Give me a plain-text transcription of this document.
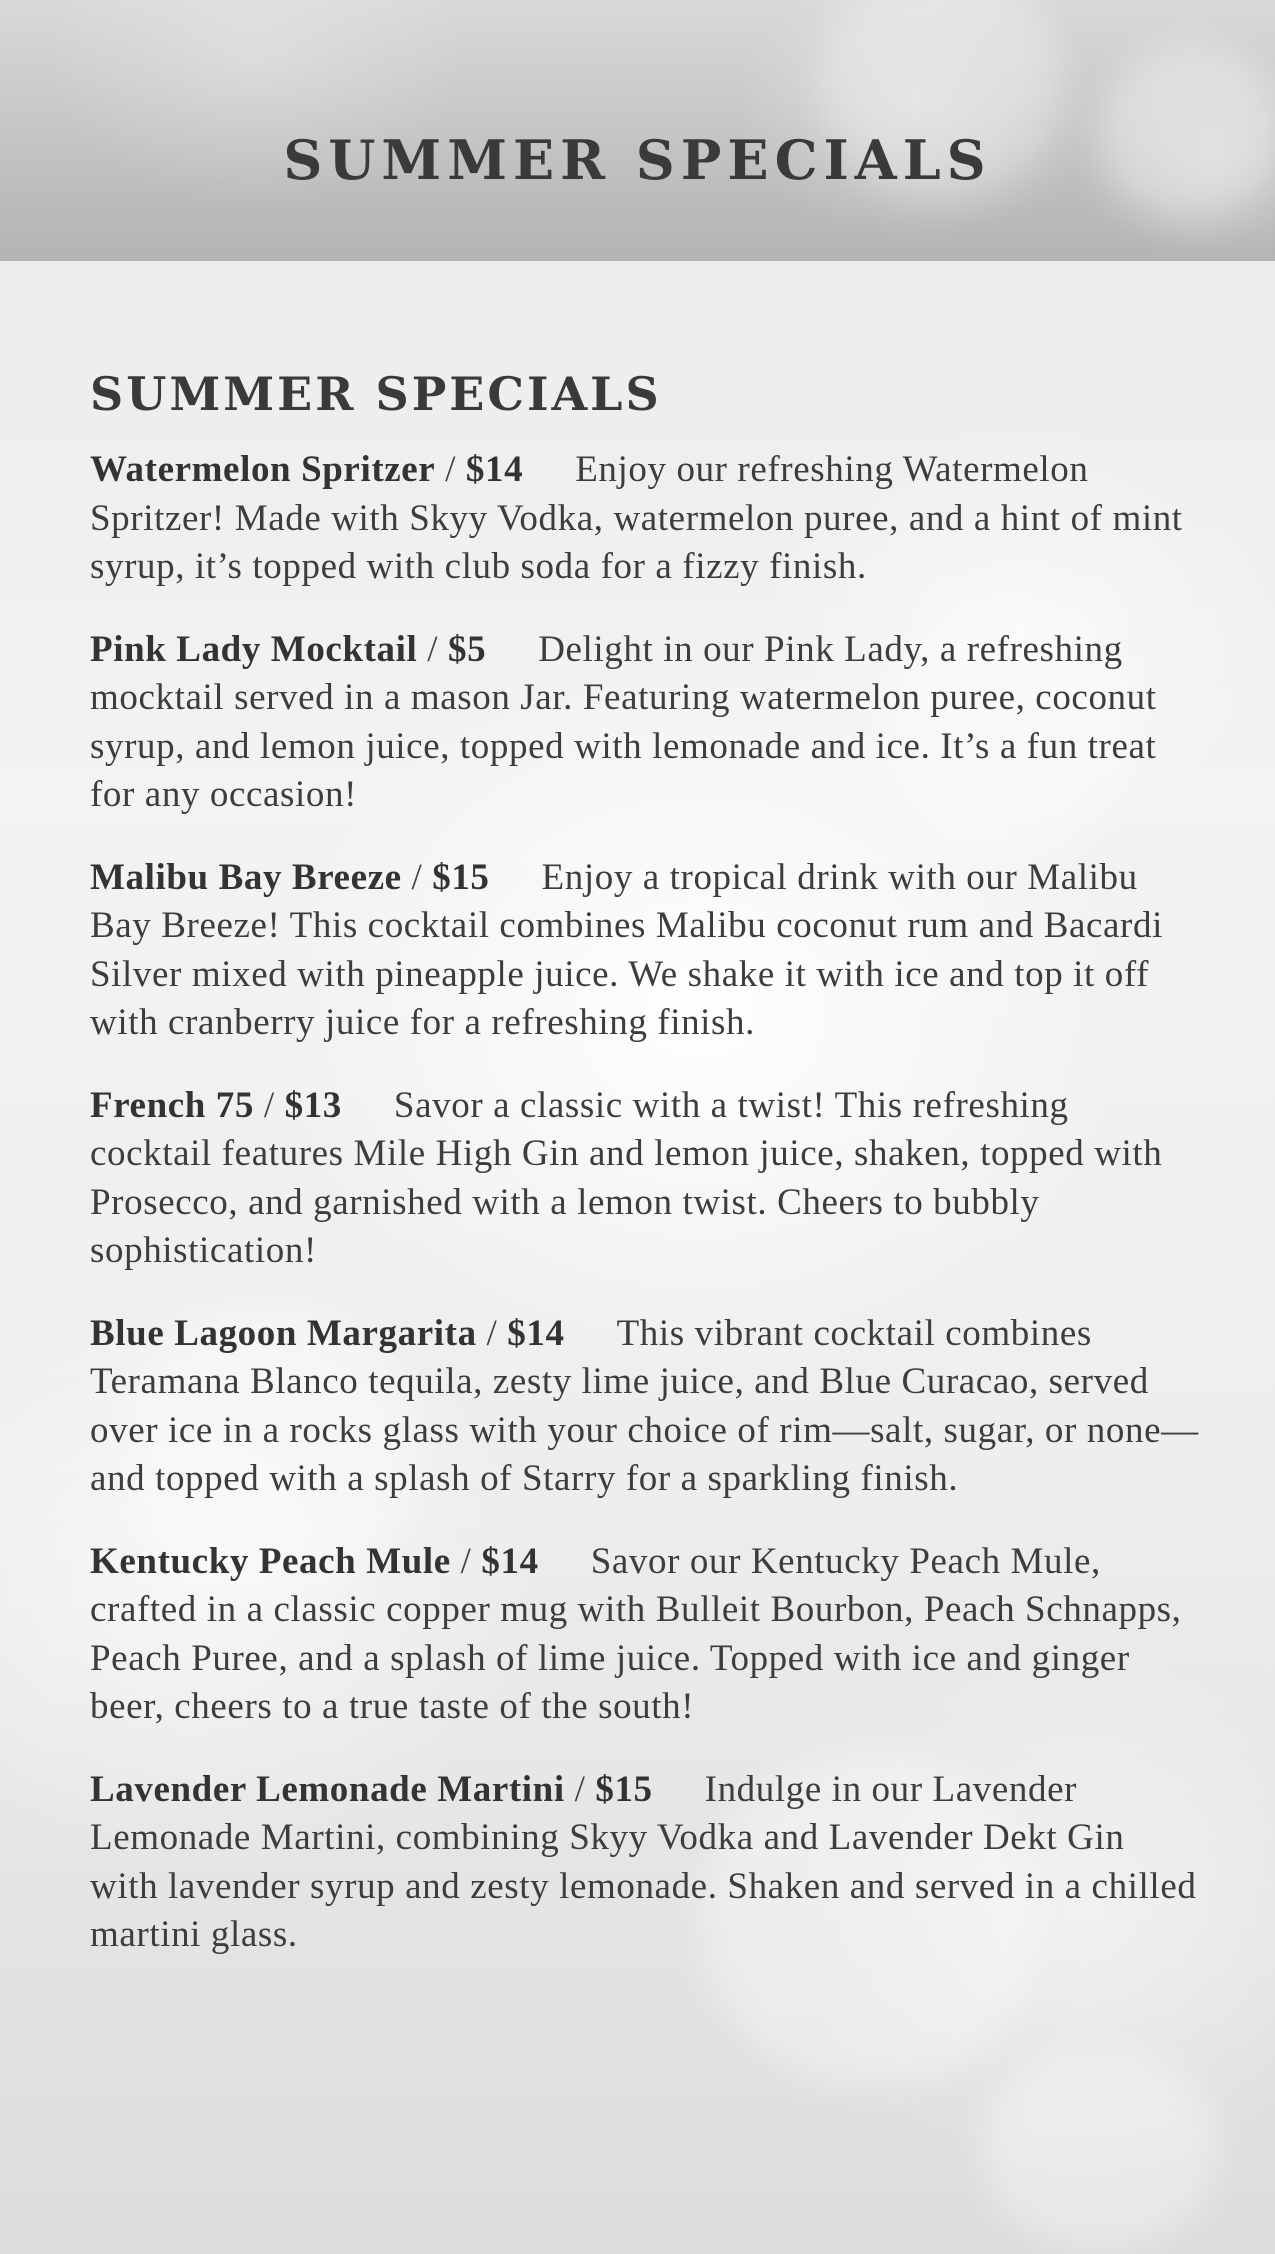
SUMMER SPECIALS
SUMMER SPECIALS

Watermelon Spritzer / $14 Enjoy our refreshing Watermelon Spritzer! Made with Skyy Vodka, watermelon puree, and a hint of mint syrup, it’s topped with club soda for a fizzy finish.

Pink Lady Mocktail / $5 Delight in our Pink Lady, a refreshing mocktail served in a mason Jar. Featuring watermelon puree, coconut syrup, and lemon juice, topped with lemonade and ice. It’s a fun treat for any occasion!

Malibu Bay Breeze / $15 Enjoy a tropical drink with our Malibu Bay Breeze! This cocktail combines Malibu coconut rum and Bacardi Silver mixed with pineapple juice. We shake it with ice and top it off with cranberry juice for a refreshing finish.

French 75 / $13 Savor a classic with a twist! This refreshing cocktail features Mile High Gin and lemon juice, shaken, topped with Prosecco, and garnished with a lemon twist. Cheers to bubbly sophistication!

Blue Lagoon Margarita / $14 This vibrant cocktail combines Teramana Blanco tequila, zesty lime juice, and Blue Curacao, served over ice in a rocks glass with your choice of rim—salt, sugar, or none—and topped with a splash of Starry for a sparkling finish.

Kentucky Peach Mule / $14 Savor our Kentucky Peach Mule, crafted in a classic copper mug with Bulleit Bourbon, Peach Schnapps, Peach Puree, and a splash of lime juice. Topped with ice and ginger beer, cheers to a true taste of the south!

Lavender Lemonade Martini / $15 Indulge in our Lavender Lemonade Martini, combining Skyy Vodka and Lavender Dekt Gin with lavender syrup and zesty lemonade. Shaken and served in a chilled martini glass.
